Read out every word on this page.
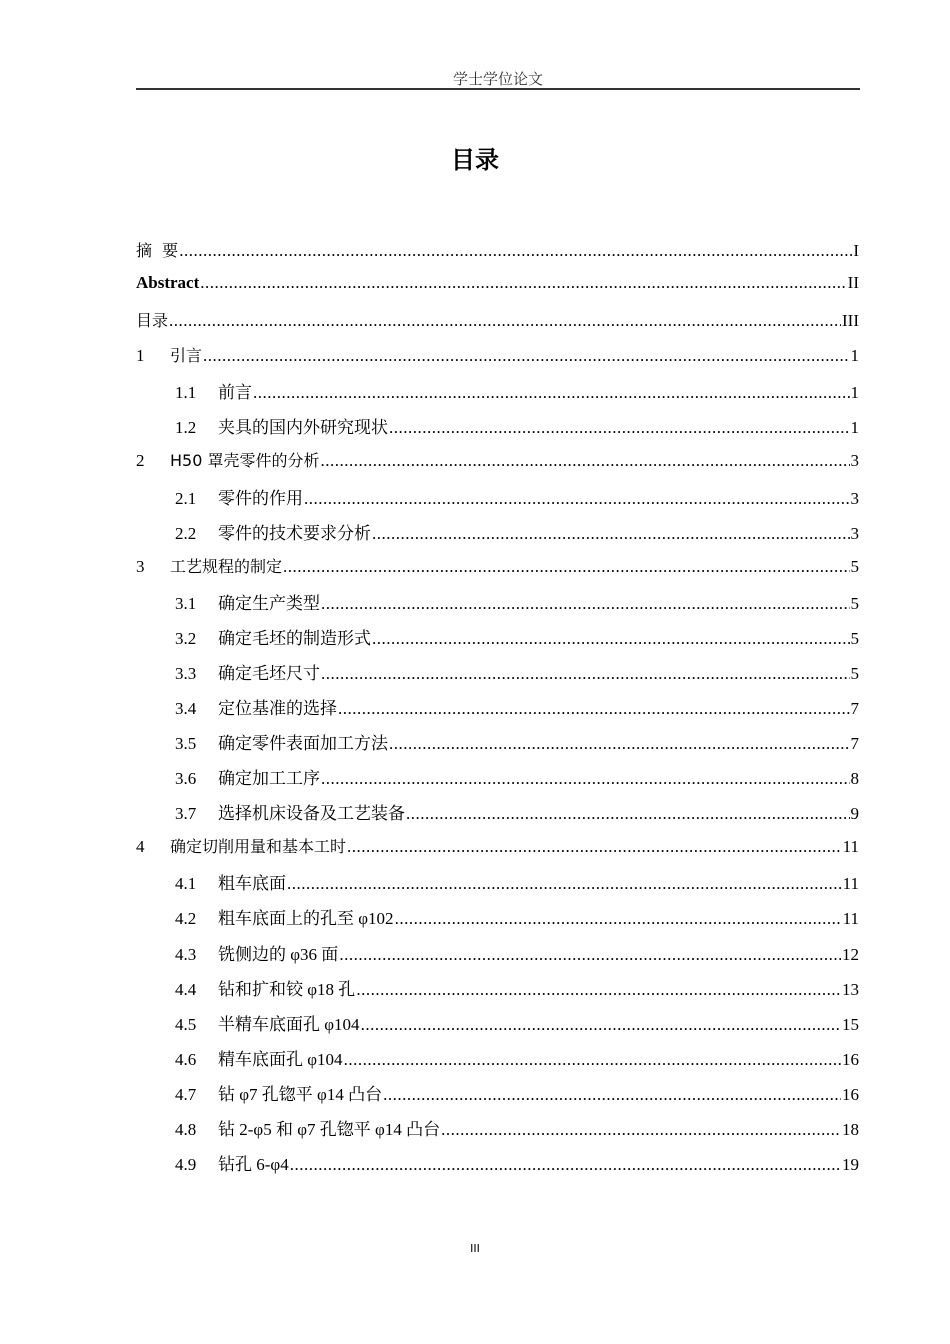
学士学位论文
目录
摘  要 .....	I
Abstract .....	II
目录 .....	III
1	引言 .....	1
1.1	前言 .....	1
1.2	夹具的国内外研究现状 .....	1
2	H50 罩壳零件的分析 .....	3
2.1	零件的作用 .....	3
2.2	零件的技术要求分析 .....	3
3	工艺规程的制定 .....	5
3.1	确定生产类型 .....	5
3.2	确定毛坯的制造形式 .....	5
3.3	确定毛坯尺寸 .....	5
3.4	定位基准的选择 .....	7
3.5	确定零件表面加工方法 .....	7
3.6	确定加工工序 .....	8
3.7	选择机床设备及工艺装备 .....	9
4	确定切削用量和基本工时 .....	11
4.1	粗车底面 .....	11
4.2	粗车底面上的孔至 φ102 .....	11
4.3	铣侧边的 φ36 面 .....	12
4.4	钻和扩和铰 φ18 孔 .....	13
4.5	半精车底面孔 φ104 .....	15
4.6	精车底面孔 φ104 .....	16
4.7	钻 φ7 孔锪平 φ14 凸台 .....	16
4.8	钻 2-φ5 和 φ7 孔锪平 φ14 凸台 .....	18
4.9	钻孔 6-φ4 .....	19
III
